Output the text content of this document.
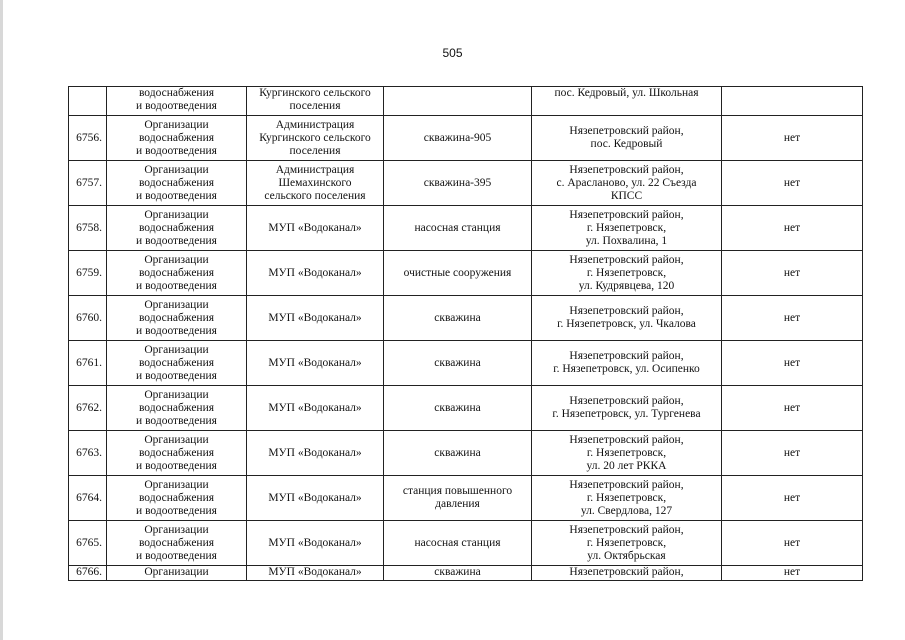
505
	водоснабжения
и водоотведения	Кургинского сельского
поселения		пос. Кедровый, ул. Школьная	
6756.	Организации
водоснабжения
и водоотведения	Администрация
Кургинского сельского
поселения	скважина-905	Нязепетровский район,
пос. Кедровый	нет
6757.	Организации
водоснабжения
и водоотведения	Администрация
Шемахинского
сельского поселения	скважина-395	Нязепетровский район,
с. Арасланово, ул. 22 Съезда
КПСС	нет
6758.	Организации
водоснабжения
и водоотведения	МУП «Водоканал»	насосная станция	Нязепетровский район,
г. Нязепетровск,
ул. Похвалина, 1	нет
6759.	Организации
водоснабжения
и водоотведения	МУП «Водоканал»	очистные сооружения	Нязепетровский район,
г. Нязепетровск,
ул. Кудрявцева, 120	нет
6760.	Организации
водоснабжения
и водоотведения	МУП «Водоканал»	скважина	Нязепетровский район,
г. Нязепетровск, ул. Чкалова	нет
6761.	Организации
водоснабжения
и водоотведения	МУП «Водоканал»	скважина	Нязепетровский район,
г. Нязепетровск, ул. Осипенко	нет
6762.	Организации
водоснабжения
и водоотведения	МУП «Водоканал»	скважина	Нязепетровский район,
г. Нязепетровск, ул. Тургенева	нет
6763.	Организации
водоснабжения
и водоотведения	МУП «Водоканал»	скважина	Нязепетровский район,
г. Нязепетровск,
ул. 20 лет РККА	нет
6764.	Организации
водоснабжения
и водоотведения	МУП «Водоканал»	станция повышенного
давления	Нязепетровский район,
г. Нязепетровск,
ул. Свердлова, 127	нет
6765.	Организации
водоснабжения
и водоотведения	МУП «Водоканал»	насосная станция	Нязепетровский район,
г. Нязепетровск,
ул. Октябрьская	нет
6766.	Организации	МУП «Водоканал»	скважина	Нязепетровский район,	нет
